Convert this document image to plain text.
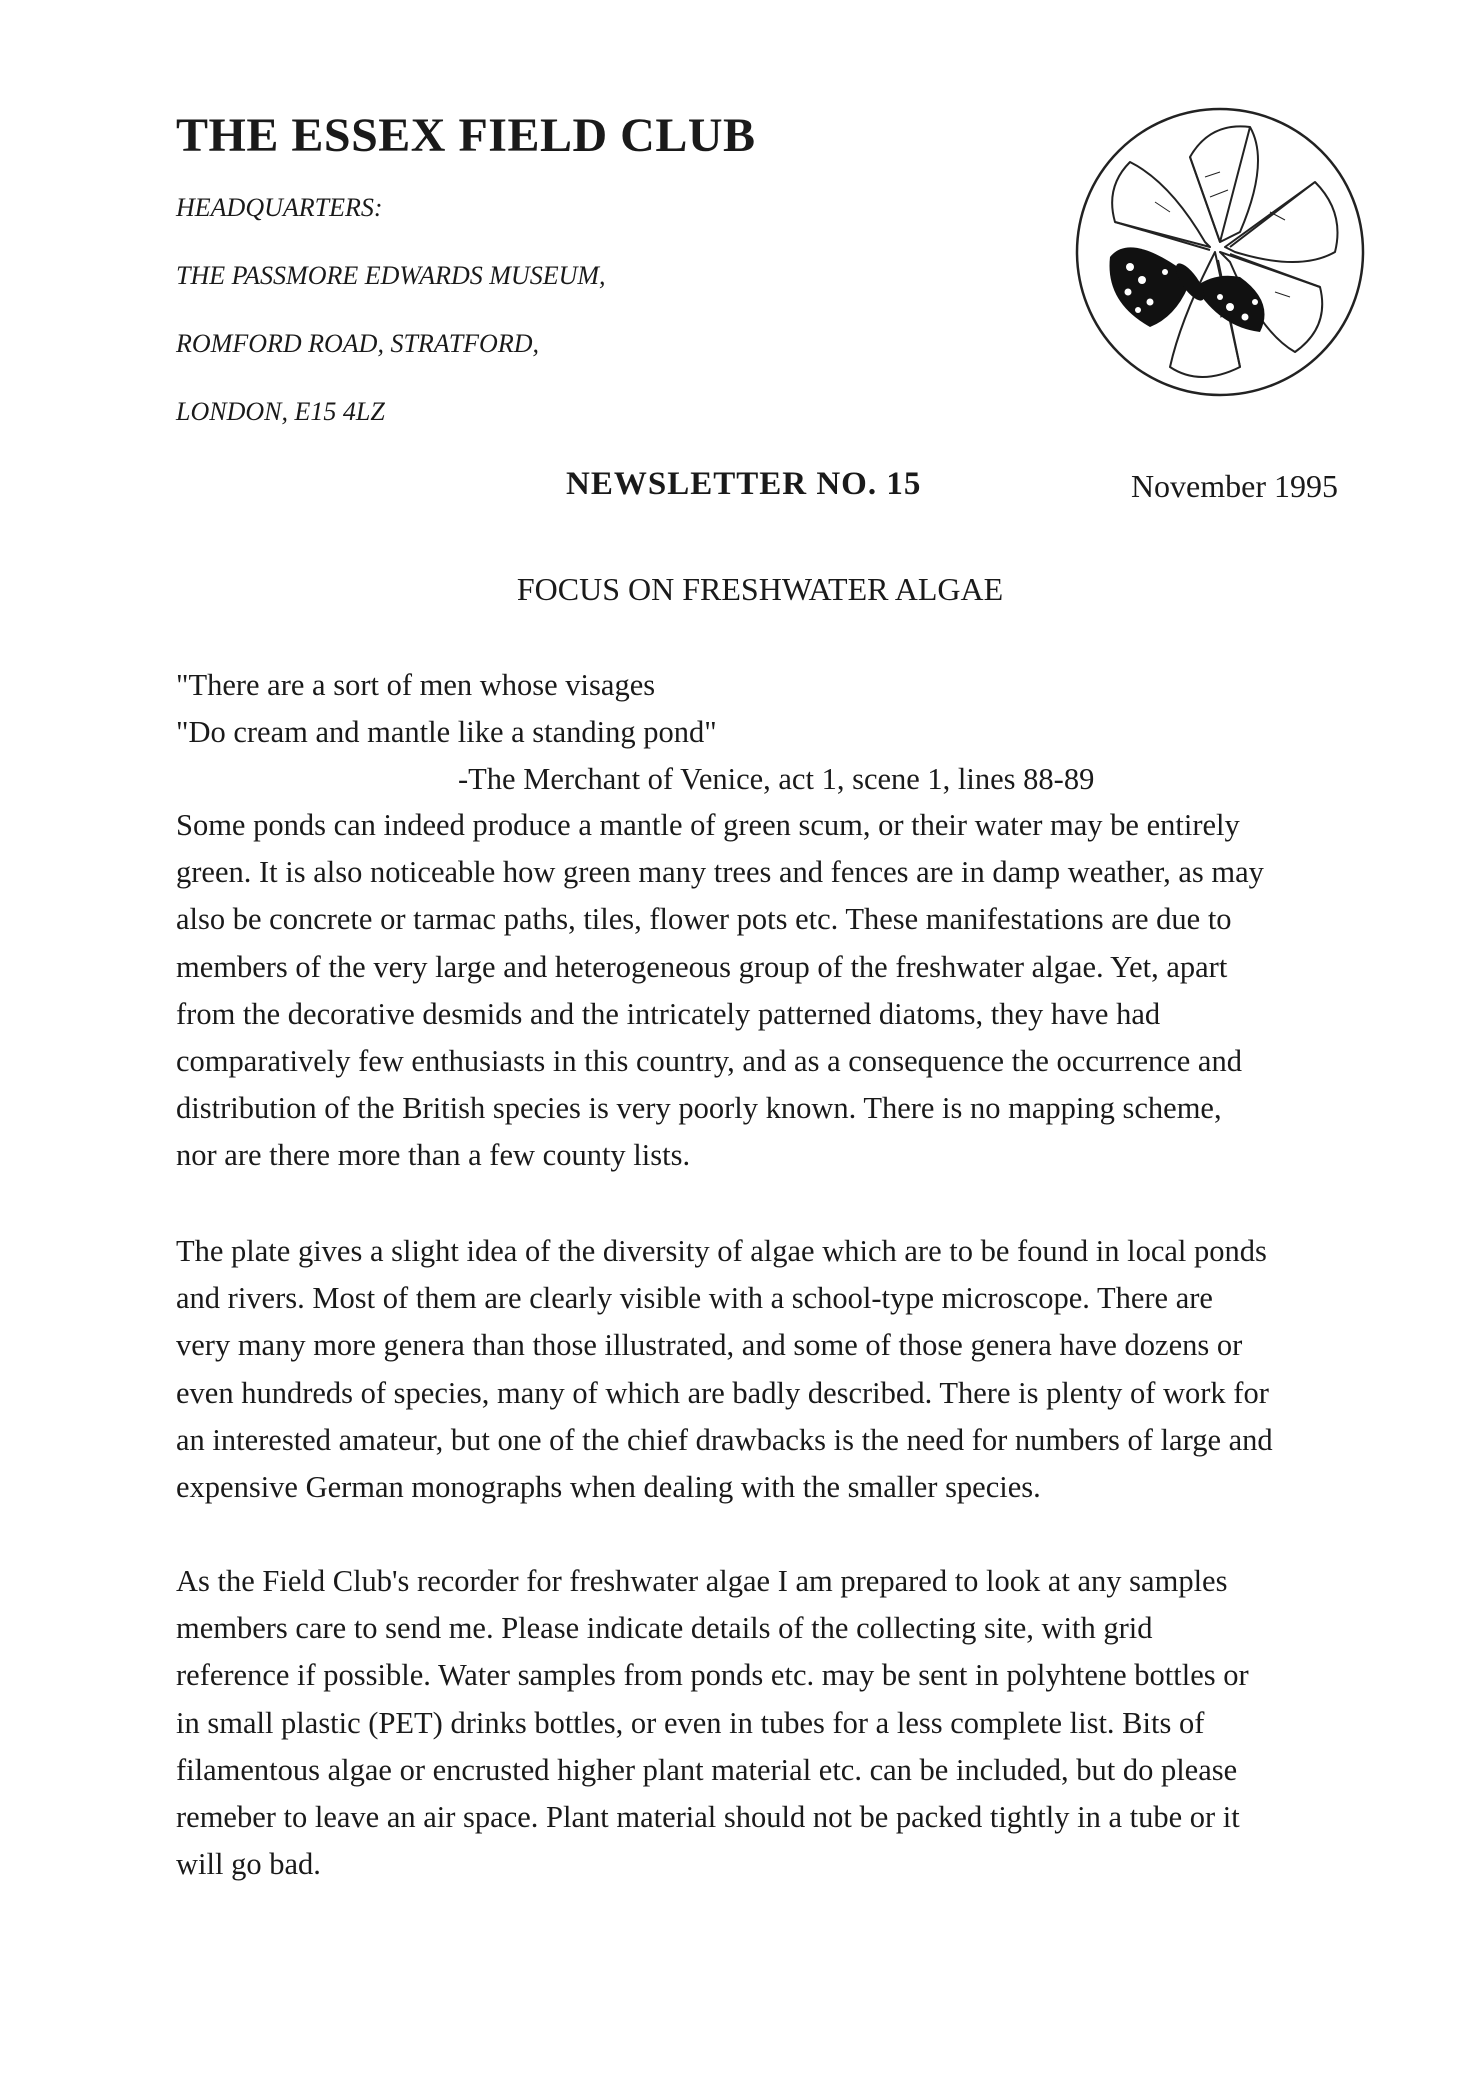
THE ESSEX FIELD CLUB

HEADQUARTERS:

THE PASSMORE EDWARDS MUSEUM,

ROMFORD ROAD, STRATFORD,

LONDON, E15 4LZ

NEWSLETTER NO. 15	November 1995
FOCUS ON FRESHWATER ALGAE
"There are a sort of men whose visages
"Do cream and mantle like a standing pond"
-The Merchant of Venice, act 1, scene 1, lines 88-89
Some ponds can indeed produce a mantle of green scum, or their water may be entirely
green. It is also noticeable how green many trees and fences are in damp weather, as may
also be concrete or tarmac paths, tiles, flower pots etc. These manifestations are due to
members of the very large and heterogeneous group of the freshwater algae. Yet, apart
from the decorative desmids and the intricately patterned diatoms, they have had
comparatively few enthusiasts in this country, and as a consequence the occurrence and
distribution of the British species is very poorly known. There is no mapping scheme,
nor are there more than a few county lists.
The plate gives a slight idea of the diversity of algae which are to be found in local ponds
and rivers. Most of them are clearly visible with a school-type microscope. There are
very many more genera than those illustrated, and some of those genera have dozens or
even hundreds of species, many of which are badly described. There is plenty of work for
an interested amateur, but one of the chief drawbacks is the need for numbers of large and
expensive German monographs when dealing with the smaller species.
As the Field Club's recorder for freshwater algae I am prepared to look at any samples
members care to send me. Please indicate details of the collecting site, with grid
reference if possible. Water samples from ponds etc. may be sent in polyhtene bottles or
in small plastic (PET) drinks bottles, or even in tubes for a less complete list. Bits of
filamentous algae or encrusted higher plant material etc. can be included, but do please
remeber to leave an air space. Plant material should not be packed tightly in a tube or it
will go bad.
